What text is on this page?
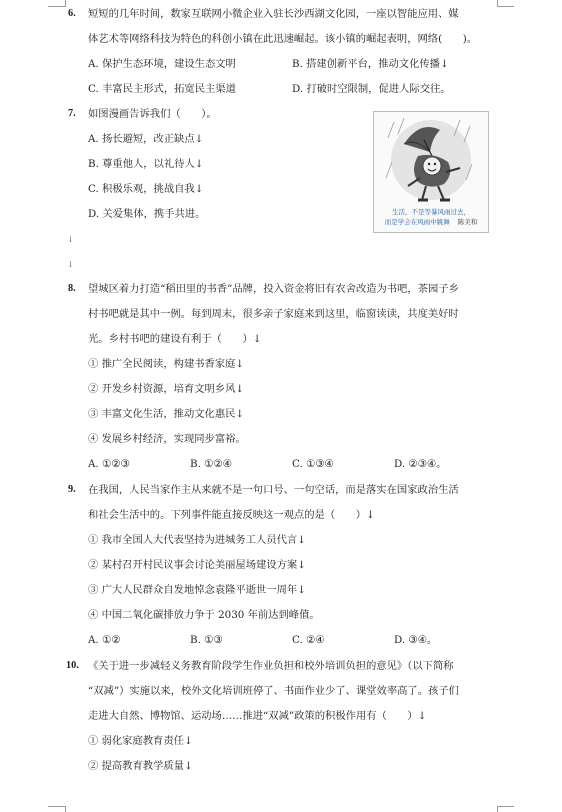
6. 短短的几年时间，数家互联网小微企业入驻长沙西湖文化园，一座以智能应用、媒
体艺术等网络科技为特色的科创小镇在此迅速崛起。该小镇的崛起表明，网络(　　)。
A. 保护生态环境，建设生态文明	B. 搭建创新平台，推动文化传播↓
C. 丰富民主形式，拓宽民主渠道	D. 打破时空限制，促进人际交往。
7. 如图漫画告诉我们（　　）。
A. 扬长避短，改正缺点↓
B. 尊重他人，以礼待人↓
C. 积极乐观，挑战自我↓
D. 关爱集体，携手共进。	生活，不是等暴风雨过去，
而是学会在风雨中跳舞 陈美和
↓
↓
8. 望城区着力打造“稻田里的书香”品牌，投入资金将旧有农舍改造为书吧，茶园子乡
村书吧就是其中一例。每到周末，很多亲子家庭来到这里，临窗读读，共度美好时
光。乡村书吧的建设有利于（　　）↓
① 推广全民阅读，构建书香家庭↓
② 开发乡村资源，培育文明乡风↓
③ 丰富文化生活，推动文化惠民↓
④ 发展乡村经济，实现同步富裕。
A. ①②③	B. ①②④	C. ①③④	D. ②③④。
9. 在我国，人民当家作主从来就不是一句口号、一句空话，而是落实在国家政治生活
和社会生活中的。下列事件能直接反映这一观点的是（　　）↓
① 我市全国人大代表坚持为进城务工人员代言↓
② 某村召开村民议事会讨论美丽屋场建设方案↓
③ 广大人民群众自发地悼念袁隆平逝世一周年↓
④ 中国二氧化碳排放力争于 2030 年前达到峰值。
A. ①②	B. ①③	C. ②④	D. ③④。
10. 《关于进一步减轻义务教育阶段学生作业负担和校外培训负担的意见》（以下简称
“双减”）实施以来，校外文化培训班停了、书面作业少了、课堂效率高了。孩子们
走进大自然、博物馆、运动场……推进“双减”政策的积极作用有（　　）↓
① 弱化家庭教育责任↓
② 提高教育教学质量↓
